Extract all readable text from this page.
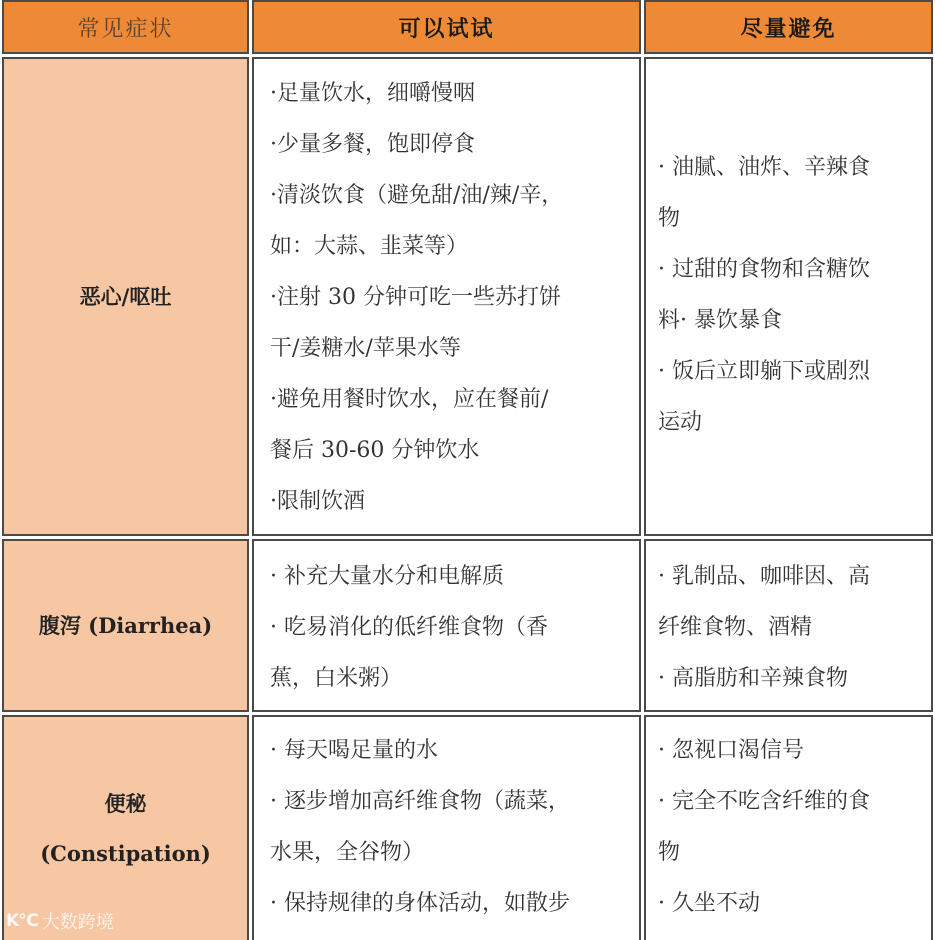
常见症状	可以试试	尽量避免
恶心/呕吐
·足量饮水，细嚼慢咽
·少量多餐，饱即停食
·清淡饮食（避免甜/油/辣/辛，
如：大蒜、韭菜等）
·注射 30 分钟可吃一些苏打饼
干/姜糖水/苹果水等
·避免用餐时饮水，应在餐前/
餐后 30-60 分钟饮水
·限制饮酒
· 油腻、油炸、辛辣食
物
· 过甜的食物和含糖饮
料· 暴饮暴食
· 饭后立即躺下或剧烈
运动
腹泻 (Diarrhea)
· 补充大量水分和电解质
· 吃易消化的低纤维食物（香
蕉，白米粥）
· 乳制品、咖啡因、高
纤维食物、酒精
· 高脂肪和辛辣食物
便秘
(Constipation)
· 每天喝足量的水
· 逐步增加高纤维食物（蔬菜，
水果，全谷物）
· 保持规律的身体活动，如散步
· 忽视口渴信号
· 完全不吃含纤维的食
物
· 久坐不动
K℃ 大数跨境
